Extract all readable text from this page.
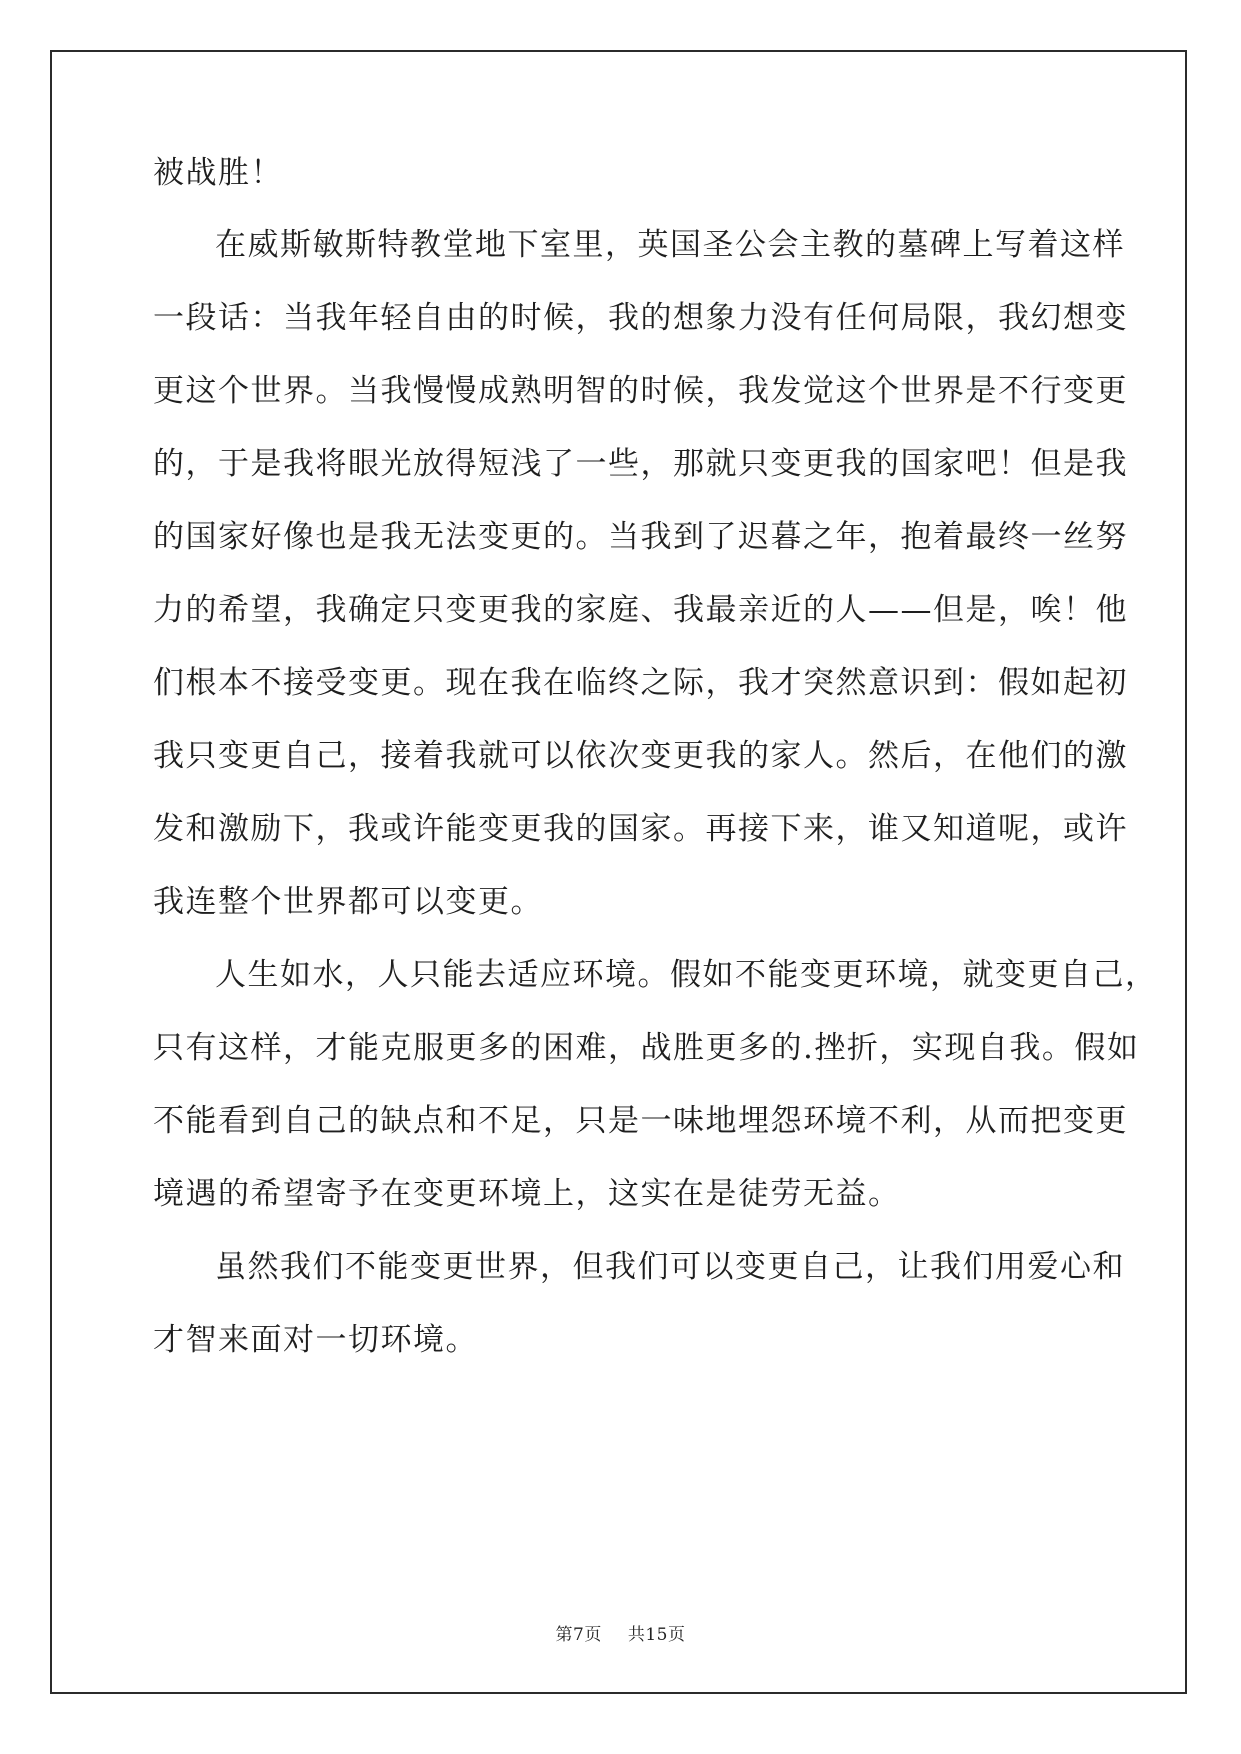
被战胜！
在威斯敏斯特教堂地下室里，英国圣公会主教的墓碑上写着这样
一段话：当我年轻自由的时候，我的想象力没有任何局限，我幻想变
更这个世界。当我慢慢成熟明智的时候，我发觉这个世界是不行变更
的，于是我将眼光放得短浅了一些，那就只变更我的国家吧！但是我
的国家好像也是我无法变更的。当我到了迟暮之年，抱着最终一丝努
力的希望，我确定只变更我的家庭、我最亲近的人——但是，唉！他
们根本不接受变更。现在我在临终之际，我才突然意识到：假如起初
我只变更自己，接着我就可以依次变更我的家人。然后，在他们的激
发和激励下，我或许能变更我的国家。再接下来，谁又知道呢，或许
我连整个世界都可以变更。
人生如水，人只能去适应环境。假如不能变更环境，就变更自己，
只有这样，才能克服更多的困难，战胜更多的.挫折，实现自我。假如
不能看到自己的缺点和不足，只是一味地埋怨环境不利，从而把变更
境遇的希望寄予在变更环境上，这实在是徒劳无益。
虽然我们不能变更世界，但我们可以变更自己，让我们用爱心和
才智来面对一切环境。
第7页 共15页
